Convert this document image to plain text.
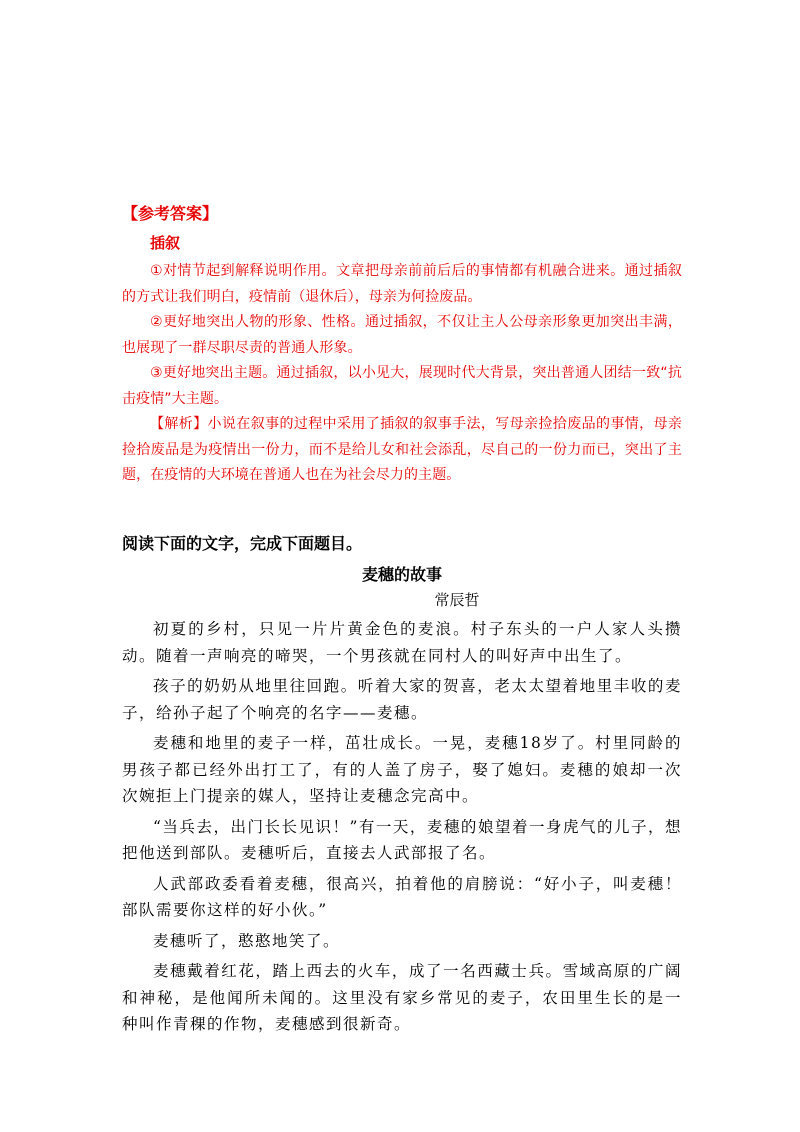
【参考答案】
插叙

①对情节起到解释说明作用。文章把母亲前前后后的事情都有机融合进来。通过插叙的方式让我们明白，疫情前（退休后），母亲为何捡废品。

②更好地突出人物的形象、性格。通过插叙，不仅让主人公母亲形象更加突出丰满，也展现了一群尽职尽责的普通人形象。

③更好地突出主题。通过插叙，以小见大，展现时代大背景，突出普通人团结一致“抗击疫情”大主题。

【解析】小说在叙事的过程中采用了插叙的叙事手法，写母亲捡拾废品的事情，母亲捡拾废品是为疫情出一份力，而不是给儿女和社会添乱，尽自己的一份力而已，突出了主题，在疫情的大环境在普通人也在为社会尽力的主题。

阅读下面的文字，完成下面题目。
麦穗的故事
常辰哲

初夏的乡村，只见一片片黄金色的麦浪。村子东头的一户人家人头攒动。随着一声响亮的啼哭，一个男孩就在同村人的叫好声中出生了。

孩子的奶奶从地里往回跑。听着大家的贺喜，老太太望着地里丰收的麦子，给孙子起了个响亮的名字——麦穗。

麦穗和地里的麦子一样，茁壮成长。一晃，麦穗18岁了。村里同龄的男孩子都已经外出打工了，有的人盖了房子，娶了媳妇。麦穗的娘却一次次婉拒上门提亲的媒人，坚持让麦穗念完高中。

“当兵去，出门长长见识！”有一天，麦穗的娘望着一身虎气的儿子，想把他送到部队。麦穗听后，直接去人武部报了名。

人武部政委看着麦穗，很高兴，拍着他的肩膀说：“好小子，叫麦穗！部队需要你这样的好小伙。”

麦穗听了，憨憨地笑了。

麦穗戴着红花，踏上西去的火车，成了一名西藏士兵。雪域高原的广阔和神秘，是他闻所未闻的。这里没有家乡常见的麦子，农田里生长的是一种叫作青稞的作物，麦穗感到很新奇。
